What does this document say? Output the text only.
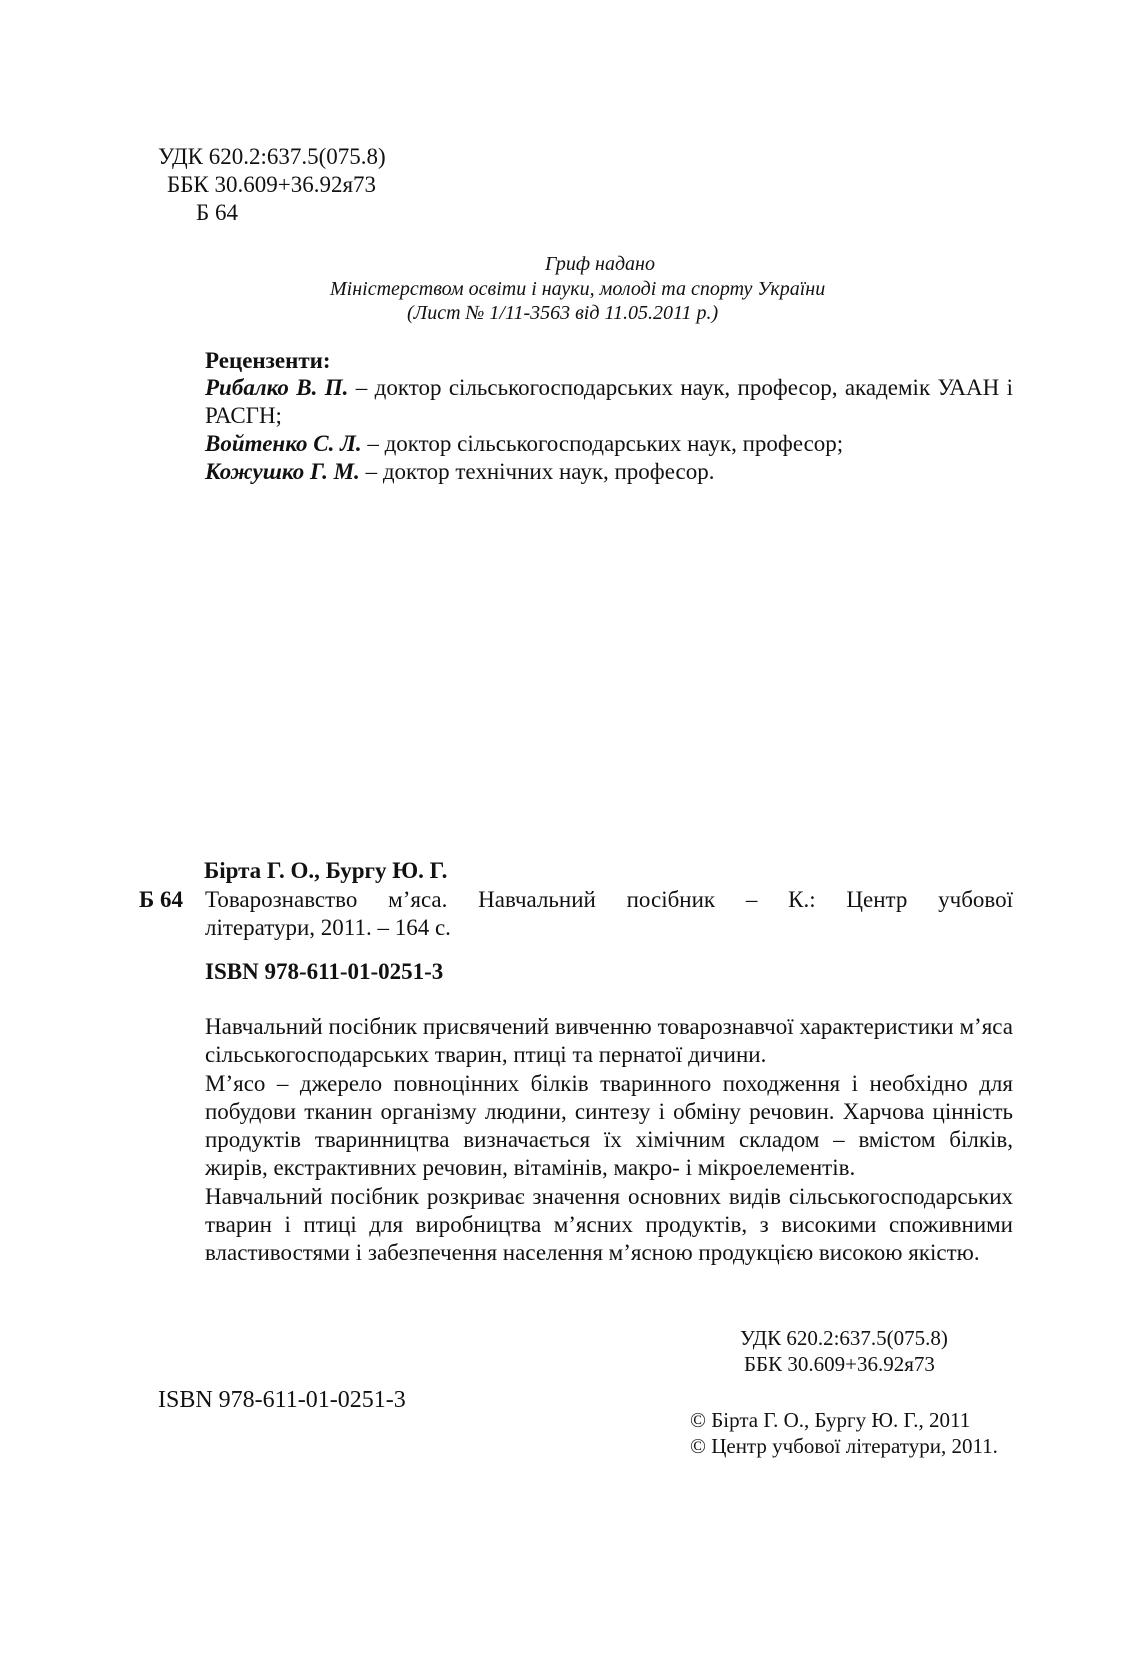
УДК 620.2:637.5(075.8)
ББК 30.609+36.92я73
Б 64
Гриф надано
Міністерством освіти і науки, молоді та спорту України
(Лист № 1/11-3563 від 11.05.2011 р.)
Рецензенти:
Рибалко В. П. – доктор сільськогосподарських наук, професор, академік УААН і РАСГН;
Войтенко С. Л. – доктор сільськогосподарських наук, професор;
Кожушко Г. М. – доктор технічних наук, професор.
Бірта Г. О., Бургу Ю. Г.
Б 64 Товарознавство м’яса. Навчальний посібник – К.: Центр учбової
літератури, 2011. – 164 с.
ISBN 978-611-01-0251-3

Навчальний посібник присвячений вивченню товарознавчої характеристики м’яса сільськогосподарських тварин, птиці та пернатої дичини.

М’ясо – джерело повноцінних білків тваринного походження і необхідно для побудови тканин організму людини, синтезу і обміну речовин. Харчова цінність продуктів тваринництва визначається їх хімічним складом – вмістом білків, жирів, екстрактивних речовин, вітамінів, макро- і мікроелементів.

Навчальний посібник розкриває значення основних видів сільськогосподарських тварин і птиці для виробництва м’ясних продуктів, з високими споживними властивостями і забезпечення населення м’ясною продукцією високою якістю.

УДК 620.2:637.5(075.8)
ББК 30.609+36.92я73
ISBN 978-611-01-0251-3
© Бірта Г. О., Бургу Ю. Г., 2011
© Центр учбової літератури, 2011.
